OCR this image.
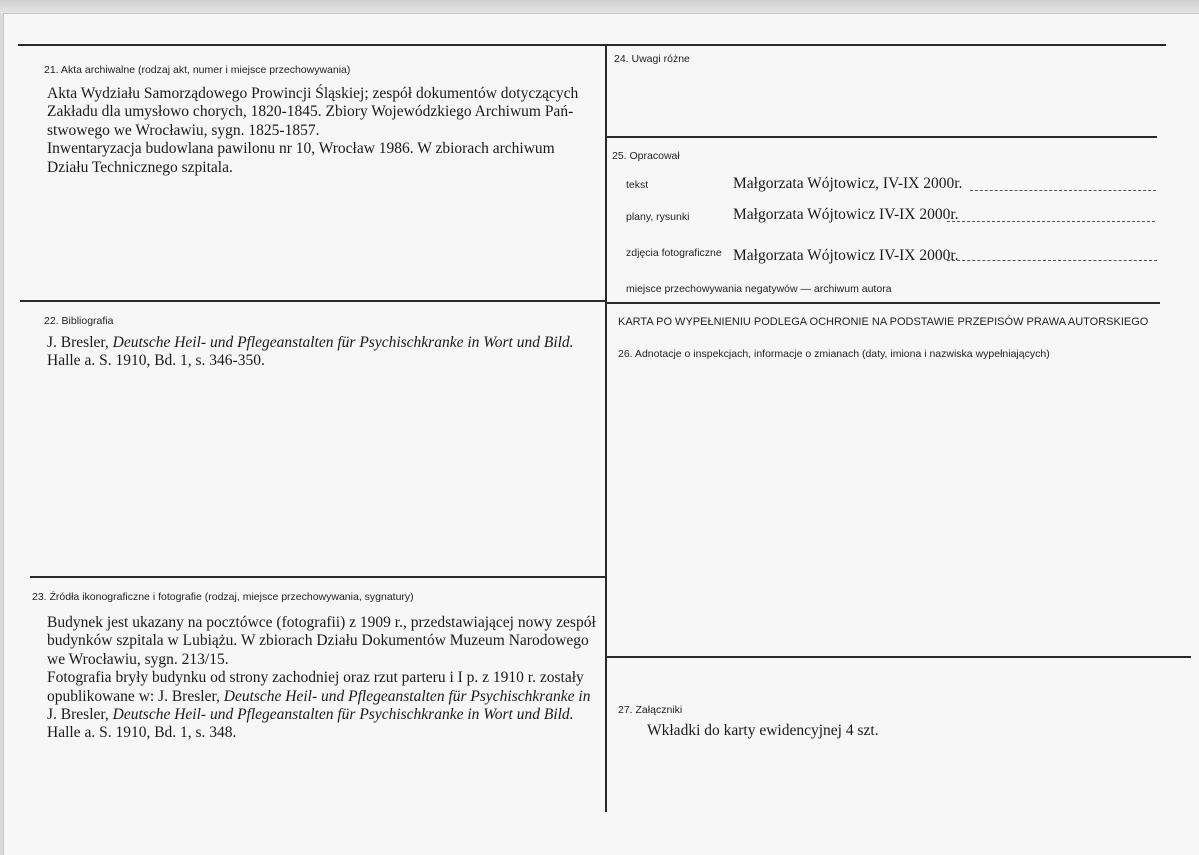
21. Akta archiwalne (rodzaj akt, numer i miejsce przechowywania)
Akta Wydziału Samorządowego Prowincji Śląskiej; zespół dokumentów dotyczących
Zakładu dla umysłowo chorych, 1820-1845. Zbiory Wojewódzkiego Archiwum Pań-
stwowego we Wrocławiu, sygn. 1825-1857.
Inwentaryzacja budowlana pawilonu nr 10, Wrocław 1986. W zbiorach archiwum
Działu Technicznego szpitala.
22. Bibliografia
J. Bresler, Deutsche Heil- und Pflegeanstalten für Psychischkranke in Wort und Bild.
Halle a. S. 1910, Bd. 1, s. 346-350.
23. Źródła ikonograficzne i fotografie (rodzaj, miejsce przechowywania, sygnatury)
Budynek jest ukazany na pocztówce (fotografii) z 1909 r., przedstawiającej nowy zespół
budynków szpitala w Lubiążu. W zbiorach Działu Dokumentów Muzeum Narodowego
we Wrocławiu, sygn. 213/15.
Fotografia bryły budynku od strony zachodniej oraz rzut parteru i I p. z 1910 r. zostały
opublikowane w: J. Bresler, Deutsche Heil- und Pflegeanstalten für Psychischkranke in
J. Bresler, Deutsche Heil- und Pflegeanstalten für Psychischkranke in Wort und Bild.
Halle a. S. 1910, Bd. 1, s. 348.
24. Uwagi różne
25. Opracował
tekst	Małgorzata Wójtowicz, IV-IX 2000r.
plany, rysunki	Małgorzata Wójtowicz IV-IX 2000r.
zdjęcia fotograficzne Małgorzata Wójtowicz IV-IX 2000r.
miejsce przechowywania negatywów — archiwum autora
KARTA PO WYPEŁNIENIU PODLEGA OCHRONIE NA PODSTAWIE PRZEPISÓW PRAWA AUTORSKIEGO
26. Adnotacje o inspekcjach, informacje o zmianach (daty, imiona i nazwiska wypełniających)
27. Załączniki
Wkładki do karty ewidencyjnej 4 szt.
